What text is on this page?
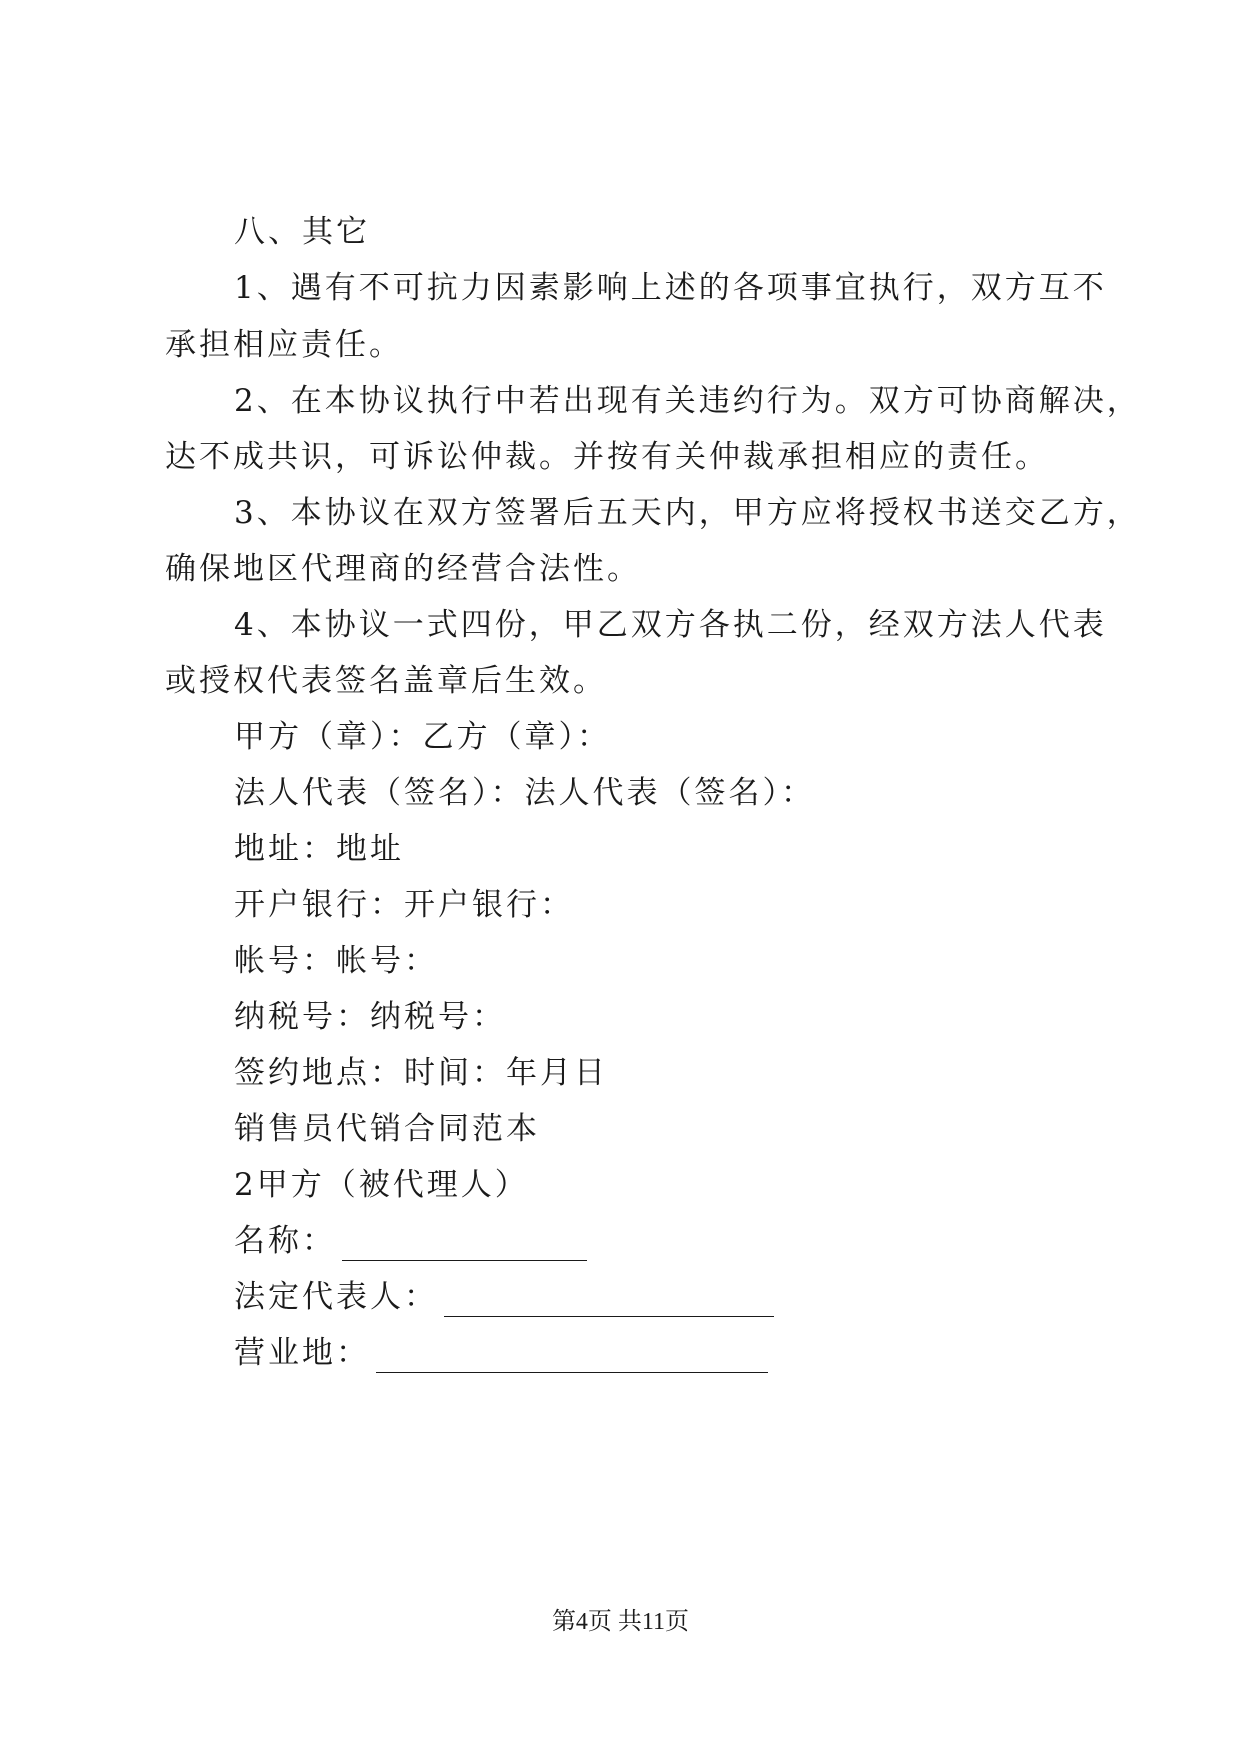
八、其它
1、遇有不可抗力因素影响上述的各项事宜执行，双方互不
承担相应责任。
2、在本协议执行中若出现有关违约行为。双方可协商解决，
达不成共识，可诉讼仲裁。并按有关仲裁承担相应的责任。
3、本协议在双方签署后五天内，甲方应将授权书送交乙方，
确保地区代理商的经营合法性。
4、本协议一式四份，甲乙双方各执二份，经双方法人代表
或授权代表签名盖章后生效。
甲方（章）：乙方（章）：
法人代表（签名）：法人代表（签名）：
地址：地址
开户银行：开户银行：
帐号：帐号：
纳税号：纳税号：
签约地点：时间：年月日
销售员代销合同范本
2甲方（被代理人）
名称：
法定代表人：
营业地：
第4页 共11页
